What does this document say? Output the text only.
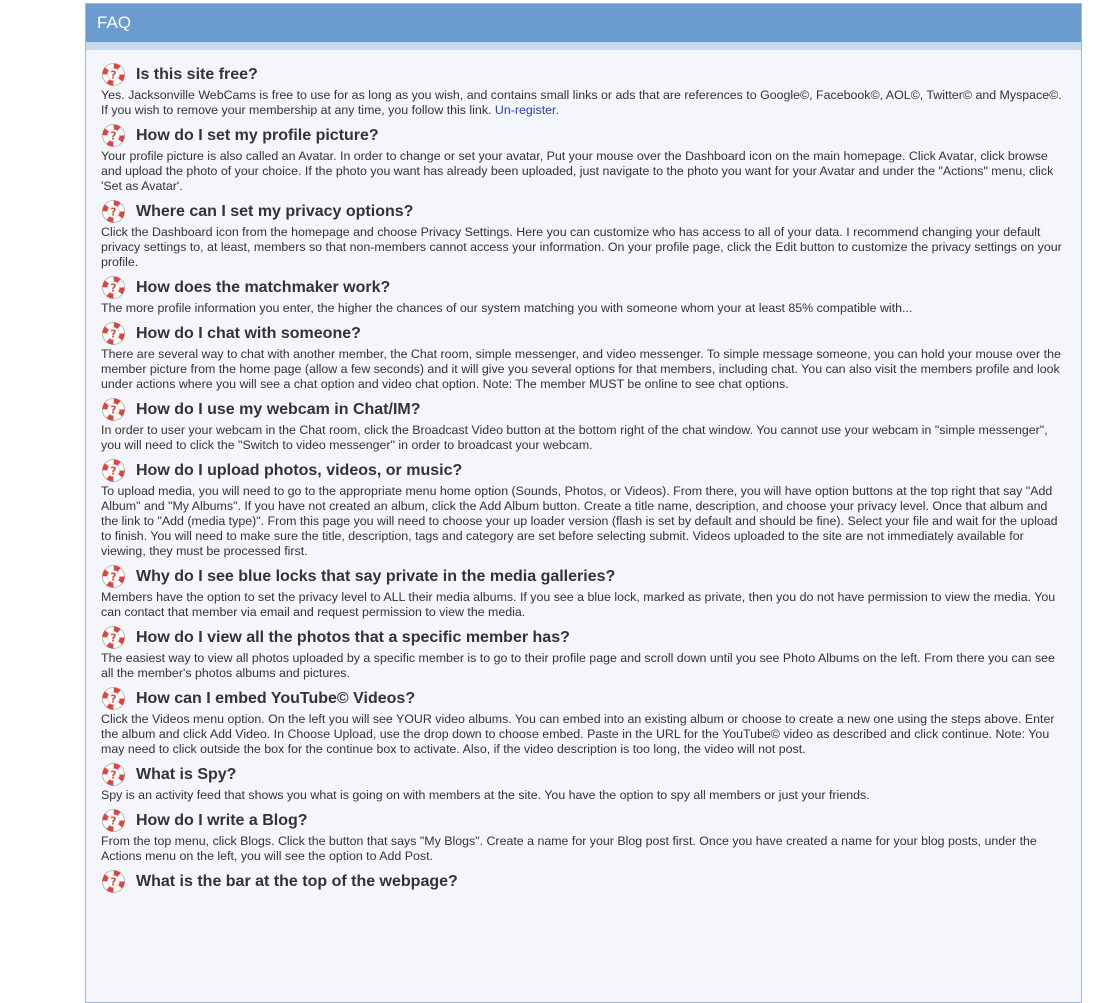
FAQ
? Is this site free?
Yes. Jacksonville WebCams is free to use for as long as you wish, and contains small links or ads that are references to Google©, Facebook©, AOL©, Twitter© and Myspace©. If you wish to remove your membership at any time, you follow this link. Un-register.
? How do I set my profile picture?
Your profile picture is also called an Avatar. In order to change or set your avatar, Put your mouse over the Dashboard icon on the main homepage. Click Avatar, click browse and upload the photo of your choice. If the photo you want has already been uploaded, just navigate to the photo you want for your Avatar and under the "Actions" menu, click 'Set as Avatar'.
? Where can I set my privacy options?
Click the Dashboard icon from the homepage and choose Privacy Settings. Here you can customize who has access to all of your data. I recommend changing your default privacy settings to, at least, members so that non-members cannot access your information. On your profile page, click the Edit button to customize the privacy settings on your profile.
? How does the matchmaker work?
The more profile information you enter, the higher the chances of our system matching you with someone whom your at least 85% compatible with...
? How do I chat with someone?
There are several way to chat with another member, the Chat room, simple messenger, and video messenger. To simple message someone, you can hold your mouse over the member picture from the home page (allow a few seconds) and it will give you several options for that members, including chat. You can also visit the members profile and look under actions where you will see a chat option and video chat option. Note: The member MUST be online to see chat options.
? How do I use my webcam in Chat/IM?
In order to user your webcam in the Chat room, click the Broadcast Video button at the bottom right of the chat window. You cannot use your webcam in "simple messenger", you will need to click the "Switch to video messenger" in order to broadcast your webcam.
? How do I upload photos, videos, or music?
To upload media, you will need to go to the appropriate menu home option (Sounds, Photos, or Videos). From there, you will have option buttons at the top right that say "Add Album" and "My Albums". If you have not created an album, click the Add Album button. Create a title name, description, and choose your privacy level. Once that album and the link to "Add (media type)". From this page you will need to choose your up loader version (flash is set by default and should be fine). Select your file and wait for the upload to finish. You will need to make sure the title, description, tags and category are set before selecting submit. Videos uploaded to the site are not immediately available for viewing, they must be processed first.
? Why do I see blue locks that say private in the media galleries?
Members have the option to set the privacy level to ALL their media albums. If you see a blue lock, marked as private, then you do not have permission to view the media. You can contact that member via email and request permission to view the media.
? How do I view all the photos that a specific member has?
The easiest way to view all photos uploaded by a specific member is to go to their profile page and scroll down until you see Photo Albums on the left. From there you can see all the member's photos albums and pictures.
? How can I embed YouTube© Videos?
Click the Videos menu option. On the left you will see YOUR video albums. You can embed into an existing album or choose to create a new one using the steps above. Enter the album and click Add Video. In Choose Upload, use the drop down to choose embed. Paste in the URL for the YouTube© video as described and click continue. Note: You may need to click outside the box for the continue box to activate. Also, if the video description is too long, the video will not post.
? What is Spy?
Spy is an activity feed that shows you what is going on with members at the site. You have the option to spy all members or just your friends.
? How do I write a Blog?
From the top menu, click Blogs. Click the button that says "My Blogs". Create a name for your Blog post first. Once you have created a name for your blog posts, under the Actions menu on the left, you will see the option to Add Post.
? What is the bar at the top of the webpage?
